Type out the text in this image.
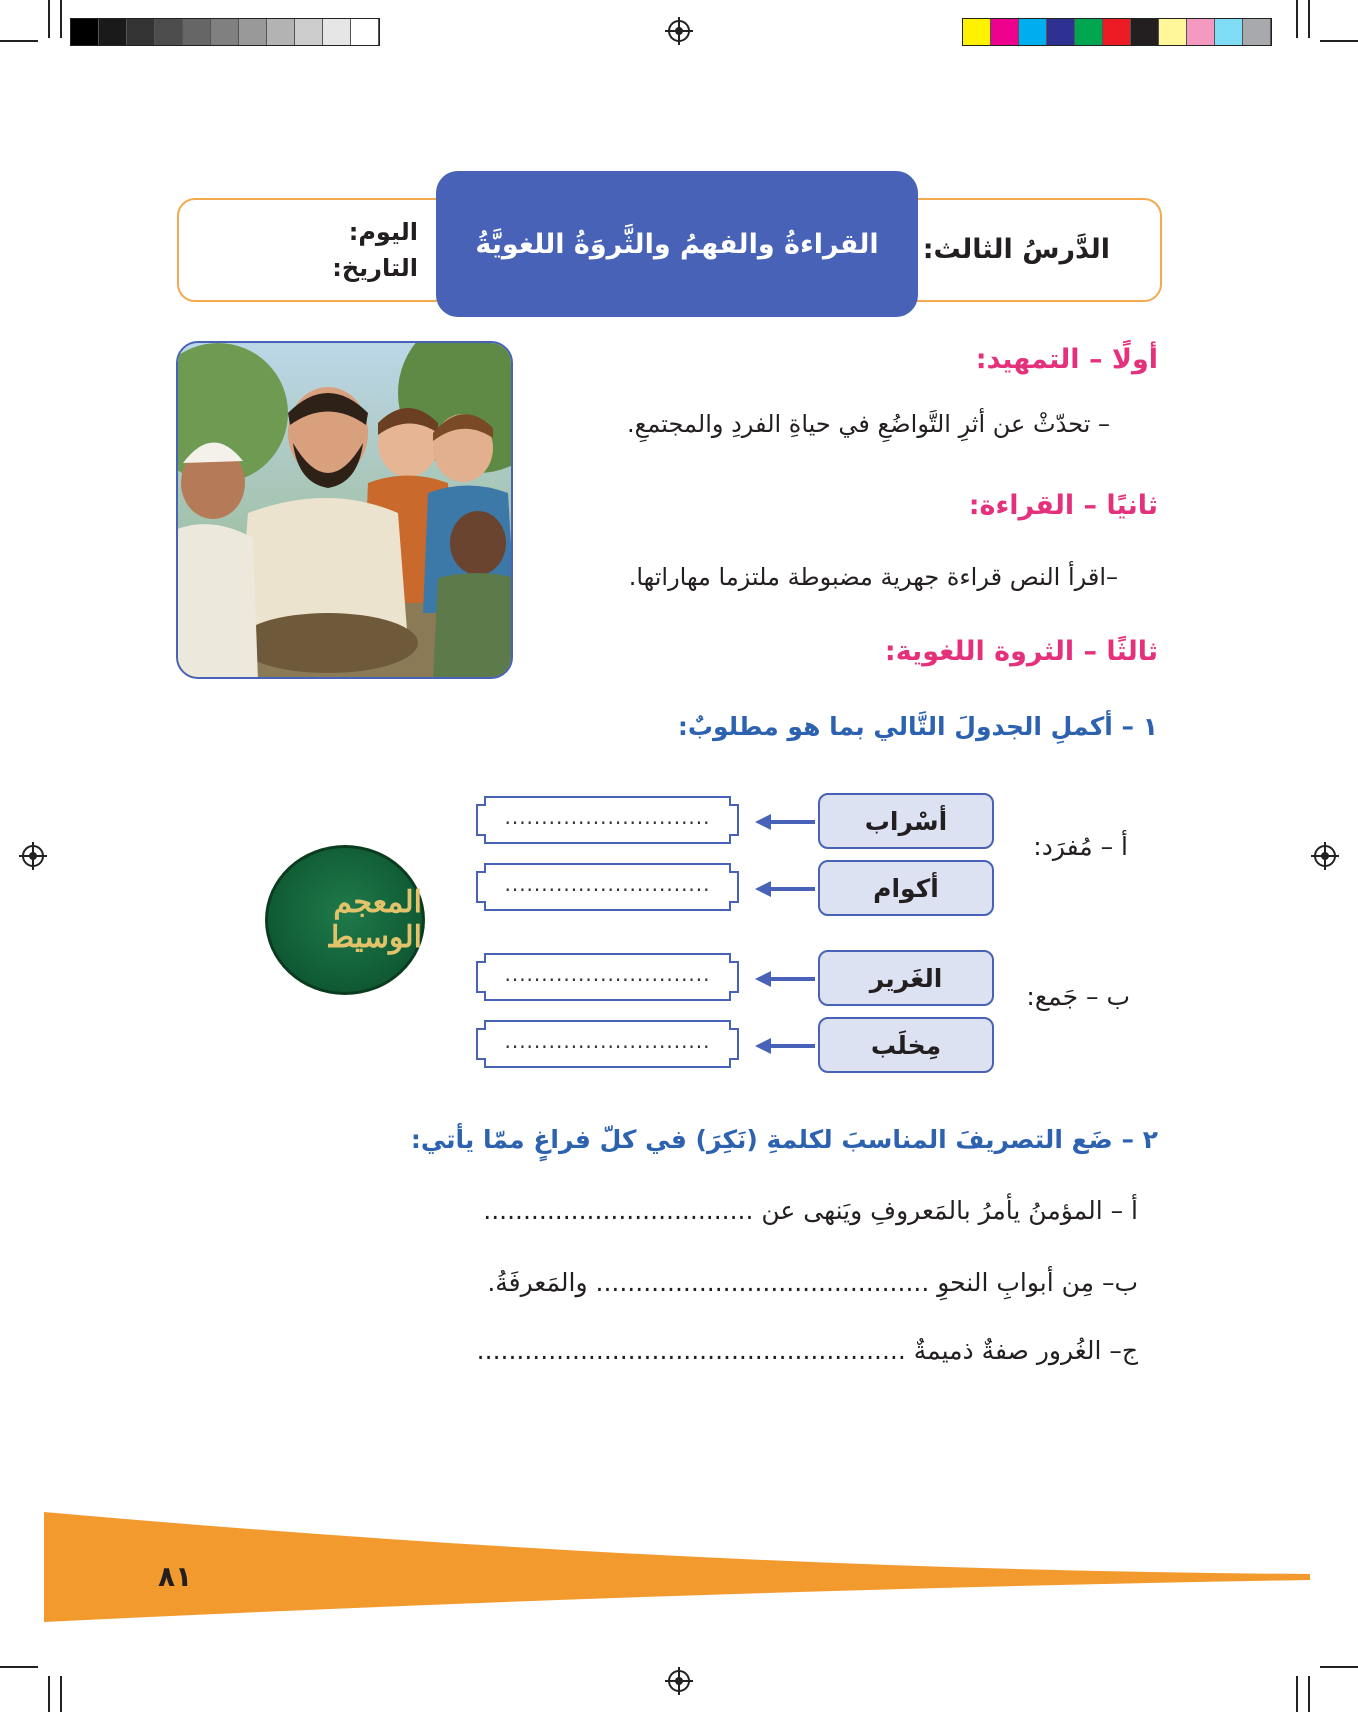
القراءةُ والفهمُ والثَّروَةُ اللغويَّةُ الدَّرسُ الثالث:
اليوم:
التاريخ:
أولًا – التمهيد:
– تحدّثْ عن أثرِ التَّواضُعِ في حياةِ الفردِ والمجتمعِ.
ثانيًا – القراءة:
–اقرأ النص قراءة جهرية مضبوطة ملتزما مهاراتها.
ثالثًا – الثروة اللغوية:
١ – أكملِ الجدولَ التَّالي بما هو مطلوبٌ:
أ – مُفرَد:
ب – جَمع:
أسْراب
أكوام
الغَرير
مِخلَب
............................
............................
............................
............................
المعجم الوسيط
٢ – ضَع التصريفَ المناسبَ لكلمةِ (نَكِرَ) في كلّ فراغٍ ممّا يأتي:
أ – المؤمنُ يأمرُ بالمَعروفِ ويَنهى عن ..................................
ب– مِن أبوابِ النحوِ .......................................... والمَعرفَةُ.
ج– الغُرور صفةٌ ذميمةٌ ......................................................
٨١
